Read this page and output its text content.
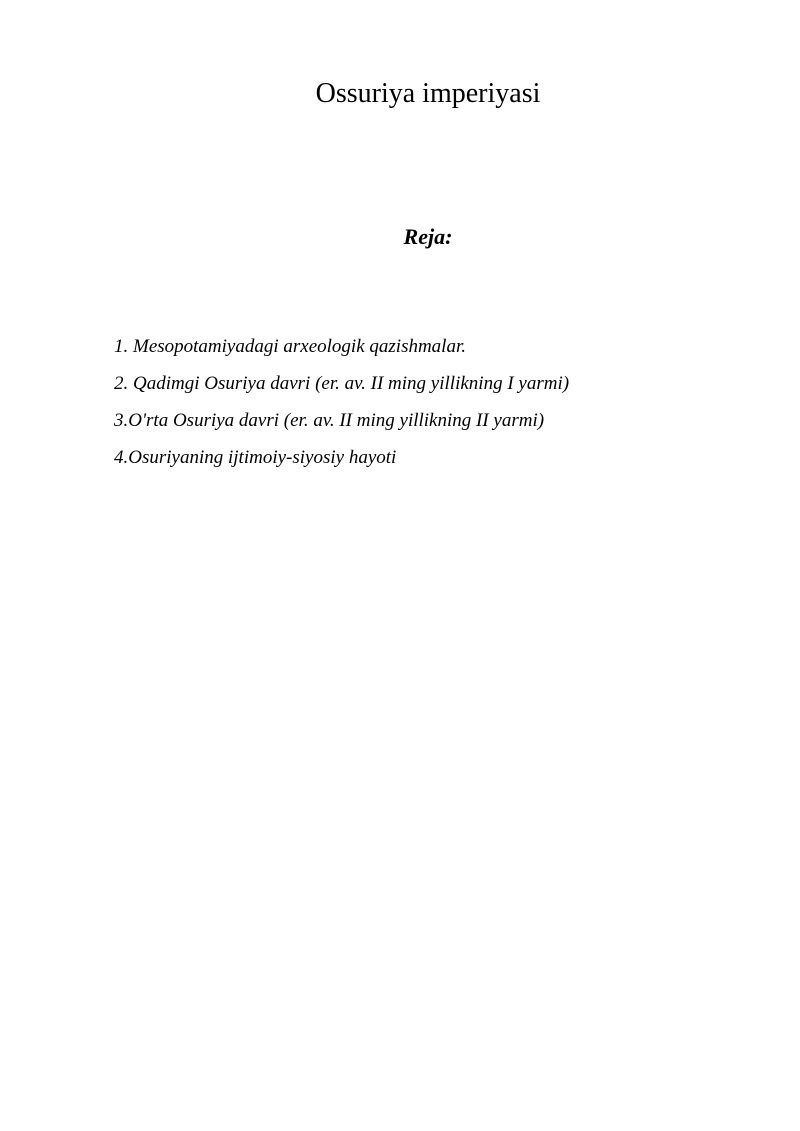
Ossuriya imperiyasi
Reja:
1. Mesopotamiyadagi arxeologik qazishmalar.
2. Qadimgi Osuriya davri (er. av. II ming yillikning I yarmi)
3.O'rta Osuriya davri (er. av. II ming yillikning II yarmi)
4.Osuriyaning ijtimoiy-siyosiy hayoti
